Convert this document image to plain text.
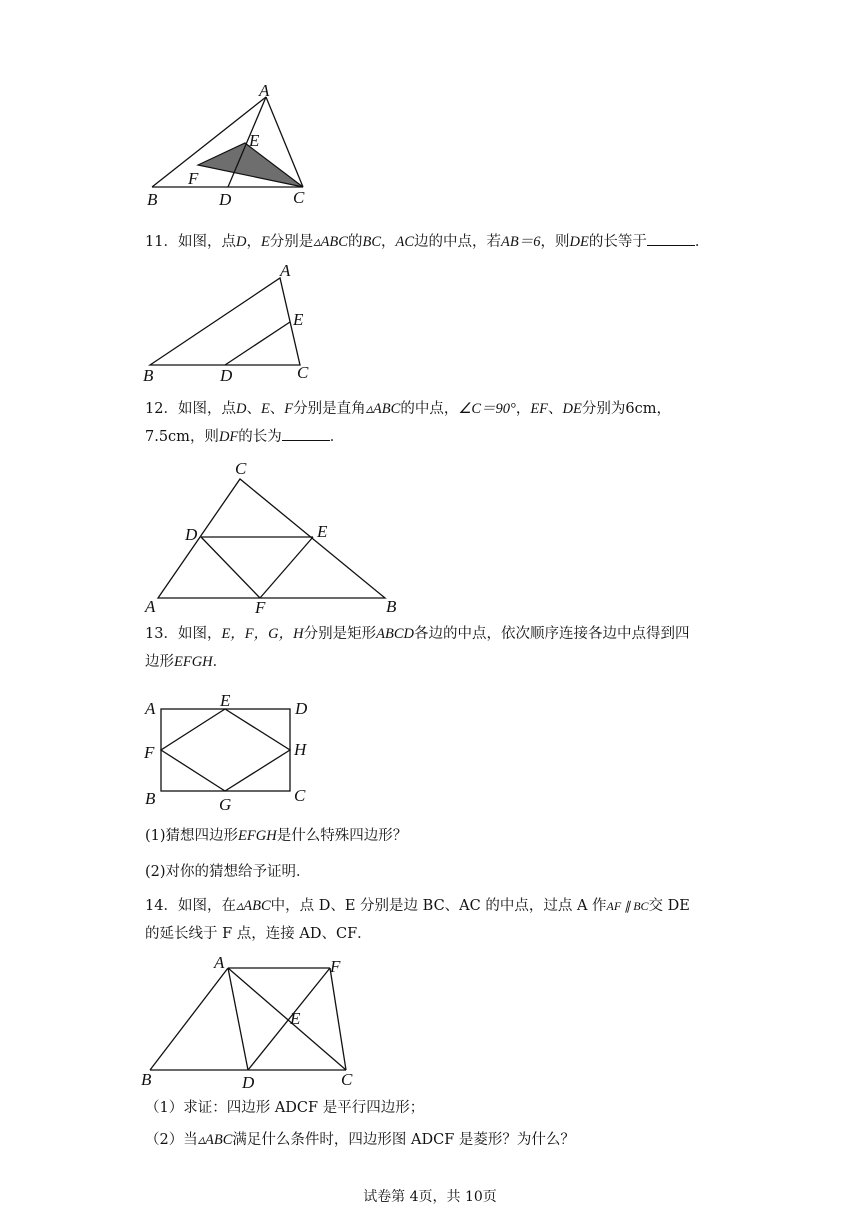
A
E
F
B	D	C
11．如图，点D，E分别是▵ABC的BC，AC边的中点，若AB＝6，则DE的长等于	．
A
E
B	D	C
12．如图，点D、E、F分别是直角▵ABC的中点，∠C＝90°，EF、DE分别为6cm，
7.5cm，则DF的长为	．
C
D	E
A	F	B
13．如图，E，F，G，H分别是矩形ABCD各边的中点，依次顺序连接各边中点得到四
边形EFGH．
A	E	D
F	H
B	G	C
(1)猜想四边形EFGH是什么特殊四边形？
(2)对你的猜想给予证明．
14．如图，在▵ABC中，点 D、E 分别是边 BC、AC 的中点，过点 A 作AF ∥ BC交 DE
的延长线于 F 点，连接 AD、CF．
A	F
E
B	D	C
（1）求证：四边形 ADCF 是平行四边形；
（2）当▵ABC满足什么条件时，四边形图 ADCF 是菱形？为什么？
试卷第 4页，共 10页
